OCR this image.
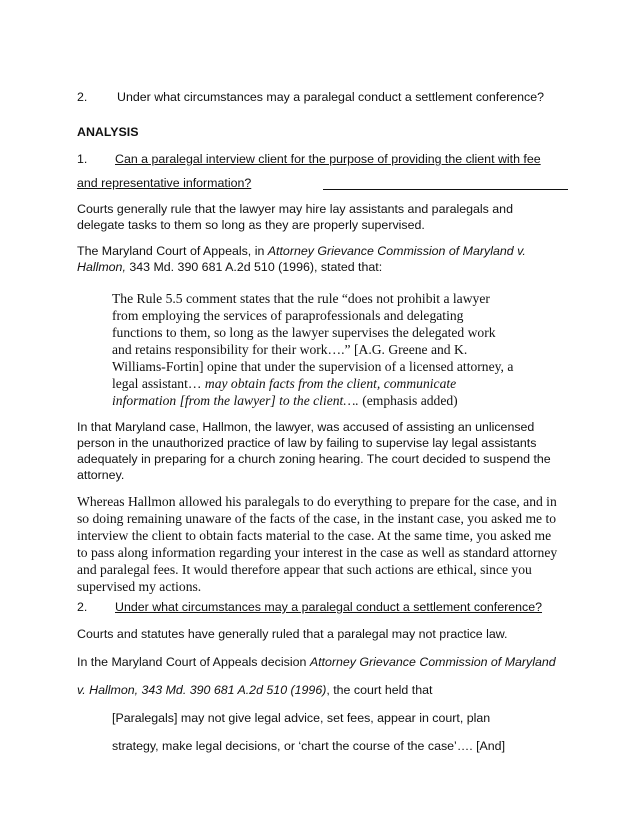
2. Under what circumstances may a paralegal conduct a settlement conference?
ANALYSIS
1. Can a paralegal interview client for the purpose of providing the client with fee
and representative information?

Courts generally rule that the lawyer may hire lay assistants and paralegals and delegate tasks to them so long as they are properly supervised.

The Maryland Court of Appeals, in Attorney Grievance Commission of Maryland v. Hallmon, 343 Md. 390 681 A.2d 510 (1996), stated that:

The Rule 5.5 comment states that the rule “does not prohibit a lawyer from employing the services of paraprofessionals and delegating functions to them, so long as the lawyer supervises the delegated work and retains responsibility for their work….” [A.G. Greene and K. Williams-Fortin] opine that under the supervision of a licensed attorney, a legal assistant… may obtain facts from the client, communicate information [from the lawyer] to the client…. (emphasis added)

In that Maryland case, Hallmon, the lawyer, was accused of assisting an unlicensed person in the unauthorized practice of law by failing to supervise lay legal assistants adequately in preparing for a church zoning hearing. The court decided to suspend the attorney.

Whereas Hallmon allowed his paralegals to do everything to prepare for the case, and in so doing remaining unaware of the facts of the case, in the instant case, you asked me to interview the client to obtain facts material to the case. At the same time, you asked me to pass along information regarding your interest in the case as well as standard attorney and paralegal fees. It would therefore appear that such actions are ethical, since you supervised my actions.

2. Under what circumstances may a paralegal conduct a settlement conference?
Courts and statutes have generally ruled that a paralegal may not practice law.
In the Maryland Court of Appeals decision Attorney Grievance Commission of Maryland
v. Hallmon, 343 Md. 390 681 A.2d 510 (1996), the court held that
[Paralegals] may not give legal advice, set fees, appear in court, plan
strategy, make legal decisions, or ‘chart the course of the case’…. [And]
